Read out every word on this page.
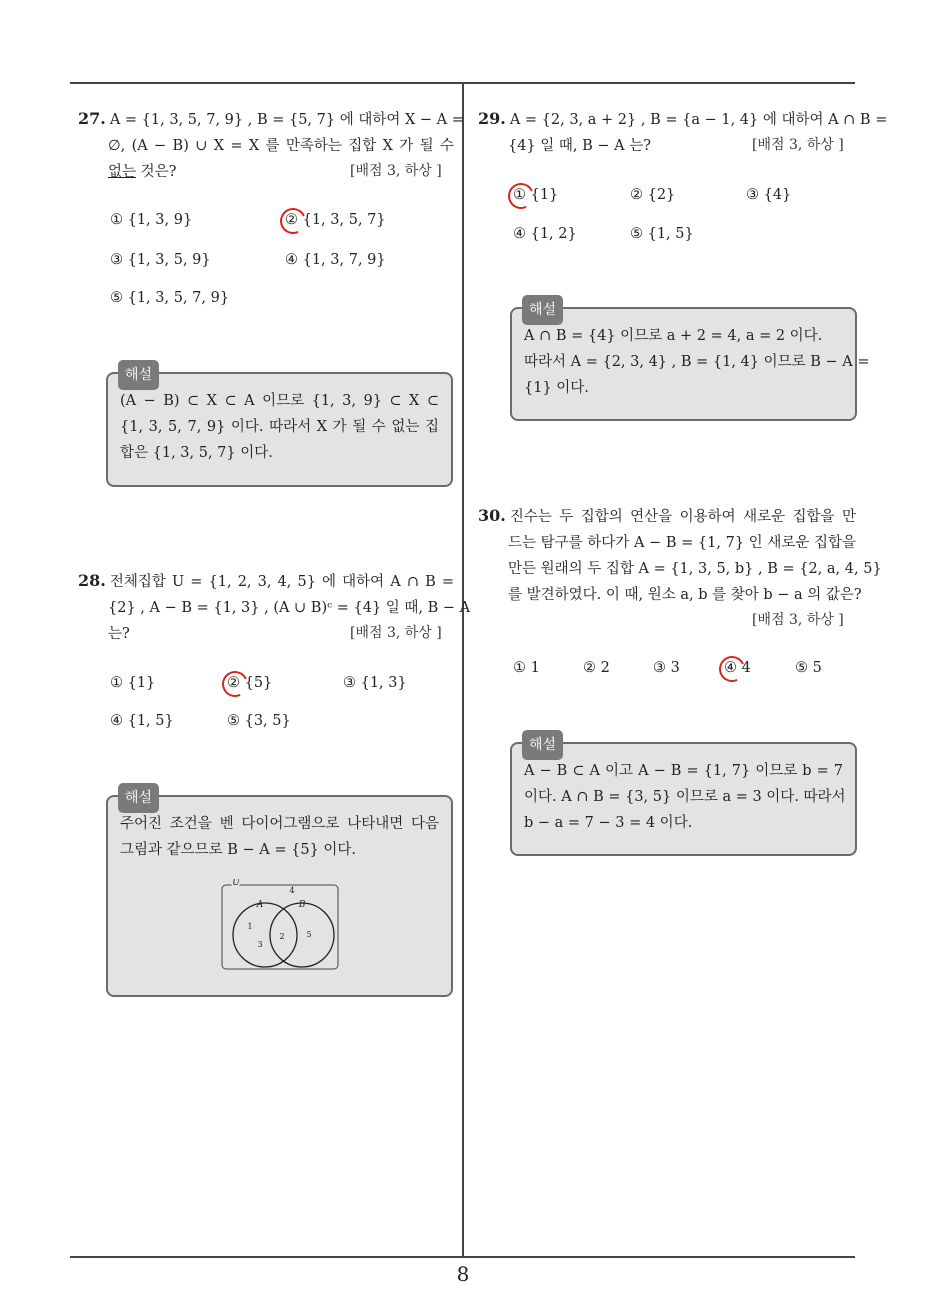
27. A = {1, 3, 5, 7, 9} , B = {5, 7} 에 대하여 X − A =
∅, (A − B) ∪ X = X 를 만족하는 집합 X 가 될 수
없는 것은?	[배점 3, 하상 ]
① {1, 3, 9}	② {1, 3, 5, 7}
③ {1, 3, 5, 9}	④ {1, 3, 7, 9}
⑤ {1, 3, 5, 7, 9}
해설
(A − B) ⊂ X ⊂ A 이므로 {1, 3, 9} ⊂ X ⊂
{1, 3, 5, 7, 9} 이다. 따라서 X 가 될 수 없는 집
합은 {1, 3, 5, 7} 이다.
28. 전체집합 U = {1, 2, 3, 4, 5} 에 대하여 A ∩ B =
{2} , A − B = {1, 3} , (A ∪ B)ᶜ = {4} 일 때, B − A
는?	[배점 3, 하상 ]
① {1}	② {5}	③ {1, 3}
④ {1, 5}	⑤ {3, 5}
해설
주어진 조건을 벤 다이어그램으로 나타내면 다음
그림과 같으므로 B − A = {5} 이다.
U
A	B
4
1
3
2	5
29. A = {2, 3, a + 2} , B = {a − 1, 4} 에 대하여 A ∩ B =
{4} 일 때, B − A 는?	[배점 3, 하상 ]
① {1}	② {2}	③ {4}
④ {1, 2}	⑤ {1, 5}
해설
A ∩ B = {4} 이므로 a + 2 = 4, a = 2 이다.
따라서 A = {2, 3, 4} , B = {1, 4} 이므로 B − A =
{1} 이다.
30. 진수는 두 집합의 연산을 이용하여 새로운 집합을 만
드는 탐구를 하다가 A − B = {1, 7} 인 새로운 집합을
만든 원래의 두 집합 A = {1, 3, 5, b} , B = {2, a, 4, 5}
를 발견하였다. 이 때, 원소 a, b 를 찾아 b − a 의 값은?
[배점 3, 하상 ]
① 1	② 2	③ 3	④ 4	⑤ 5
해설
A − B ⊂ A 이고 A − B = {1, 7} 이므로 b = 7
이다. A ∩ B = {3, 5} 이므로 a = 3 이다. 따라서
b − a = 7 − 3 = 4 이다.
8
